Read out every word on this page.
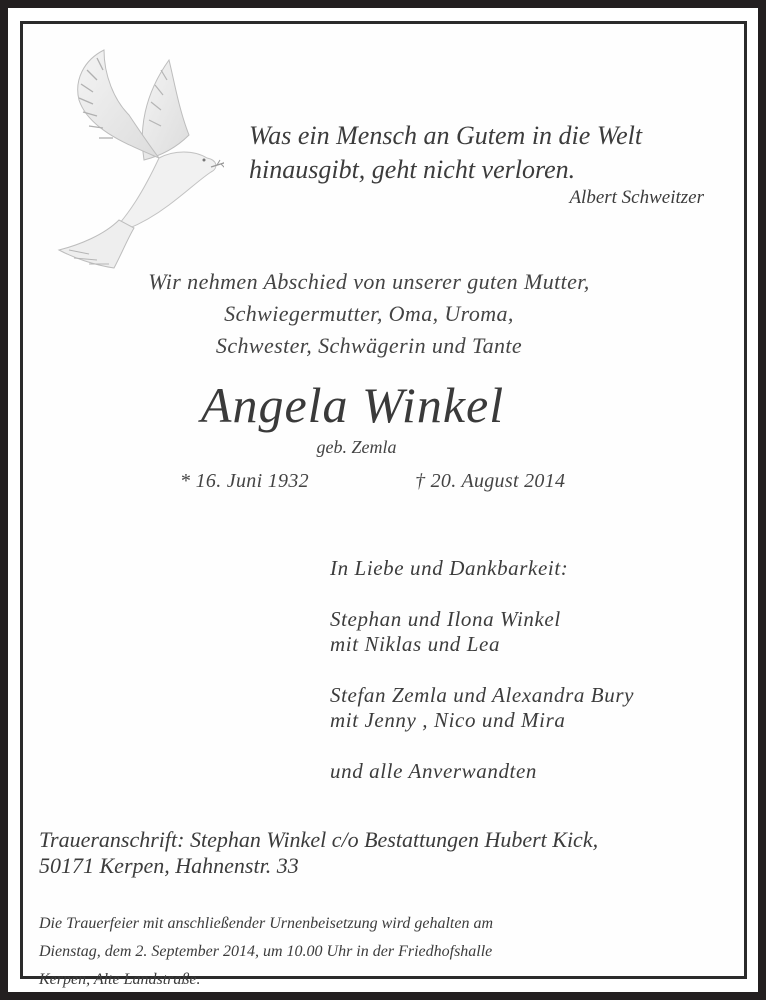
Was ein Mensch an Gutem in die Welt
hinausgibt, geht nicht verloren.
Albert Schweitzer
Wir nehmen Abschied von unserer guten Mutter,
Schwiegermutter, Oma, Uroma,
Schwester, Schwägerin und Tante
Angela Winkel
geb. Zemla
* 16. Juni 1932	† 20. August 2014
In Liebe und Dankbarkeit:
Stephan und Ilona Winkel
mit Niklas und Lea
Stefan Zemla und Alexandra Bury
mit Jenny , Nico und Mira
und alle Anverwandten
Traueranschrift: Stephan Winkel c/o Bestattungen Hubert Kick,
50171 Kerpen, Hahnenstr. 33
Die Trauerfeier mit anschließender Urnenbeisetzung wird gehalten am
Dienstag, dem 2. September 2014, um 10.00 Uhr in der Friedhofshalle
Kerpen, Alte Landstraße.
